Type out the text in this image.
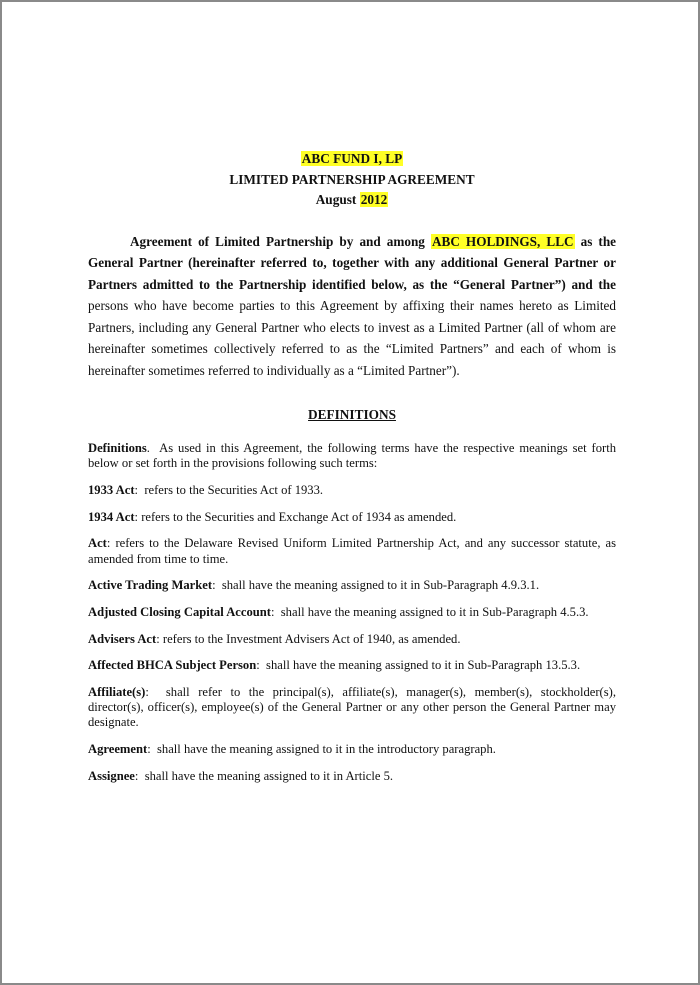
ABC FUND I, LP
LIMITED PARTNERSHIP AGREEMENT
August 2012
Agreement of Limited Partnership by and among ABC HOLDINGS, LLC as the General Partner (hereinafter referred to, together with any additional General Partner or Partners admitted to the Partnership identified below, as the “General Partner”) and the persons who have become parties to this Agreement by affixing their names hereto as Limited Partners, including any General Partner who elects to invest as a Limited Partner (all of whom are hereinafter sometimes collectively referred to as the “Limited Partners” and each of whom is hereinafter sometimes referred to individually as a “Limited Partner”).
DEFINITIONS
Definitions. As used in this Agreement, the following terms have the respective meanings set forth below or set forth in the provisions following such terms:
1933 Act: refers to the Securities Act of 1933.
1934 Act: refers to the Securities and Exchange Act of 1934 as amended.
Act: refers to the Delaware Revised Uniform Limited Partnership Act, and any successor statute, as amended from time to time.
Active Trading Market: shall have the meaning assigned to it in Sub-Paragraph 4.9.3.1.
Adjusted Closing Capital Account: shall have the meaning assigned to it in Sub-Paragraph 4.5.3.
Advisers Act: refers to the Investment Advisers Act of 1940, as amended.
Affected BHCA Subject Person: shall have the meaning assigned to it in Sub-Paragraph 13.5.3.
Affiliate(s): shall refer to the principal(s), affiliate(s), manager(s), member(s), stockholder(s), director(s), officer(s), employee(s) of the General Partner or any other person the General Partner may designate.
Agreement: shall have the meaning assigned to it in the introductory paragraph.
Assignee: shall have the meaning assigned to it in Article 5.
